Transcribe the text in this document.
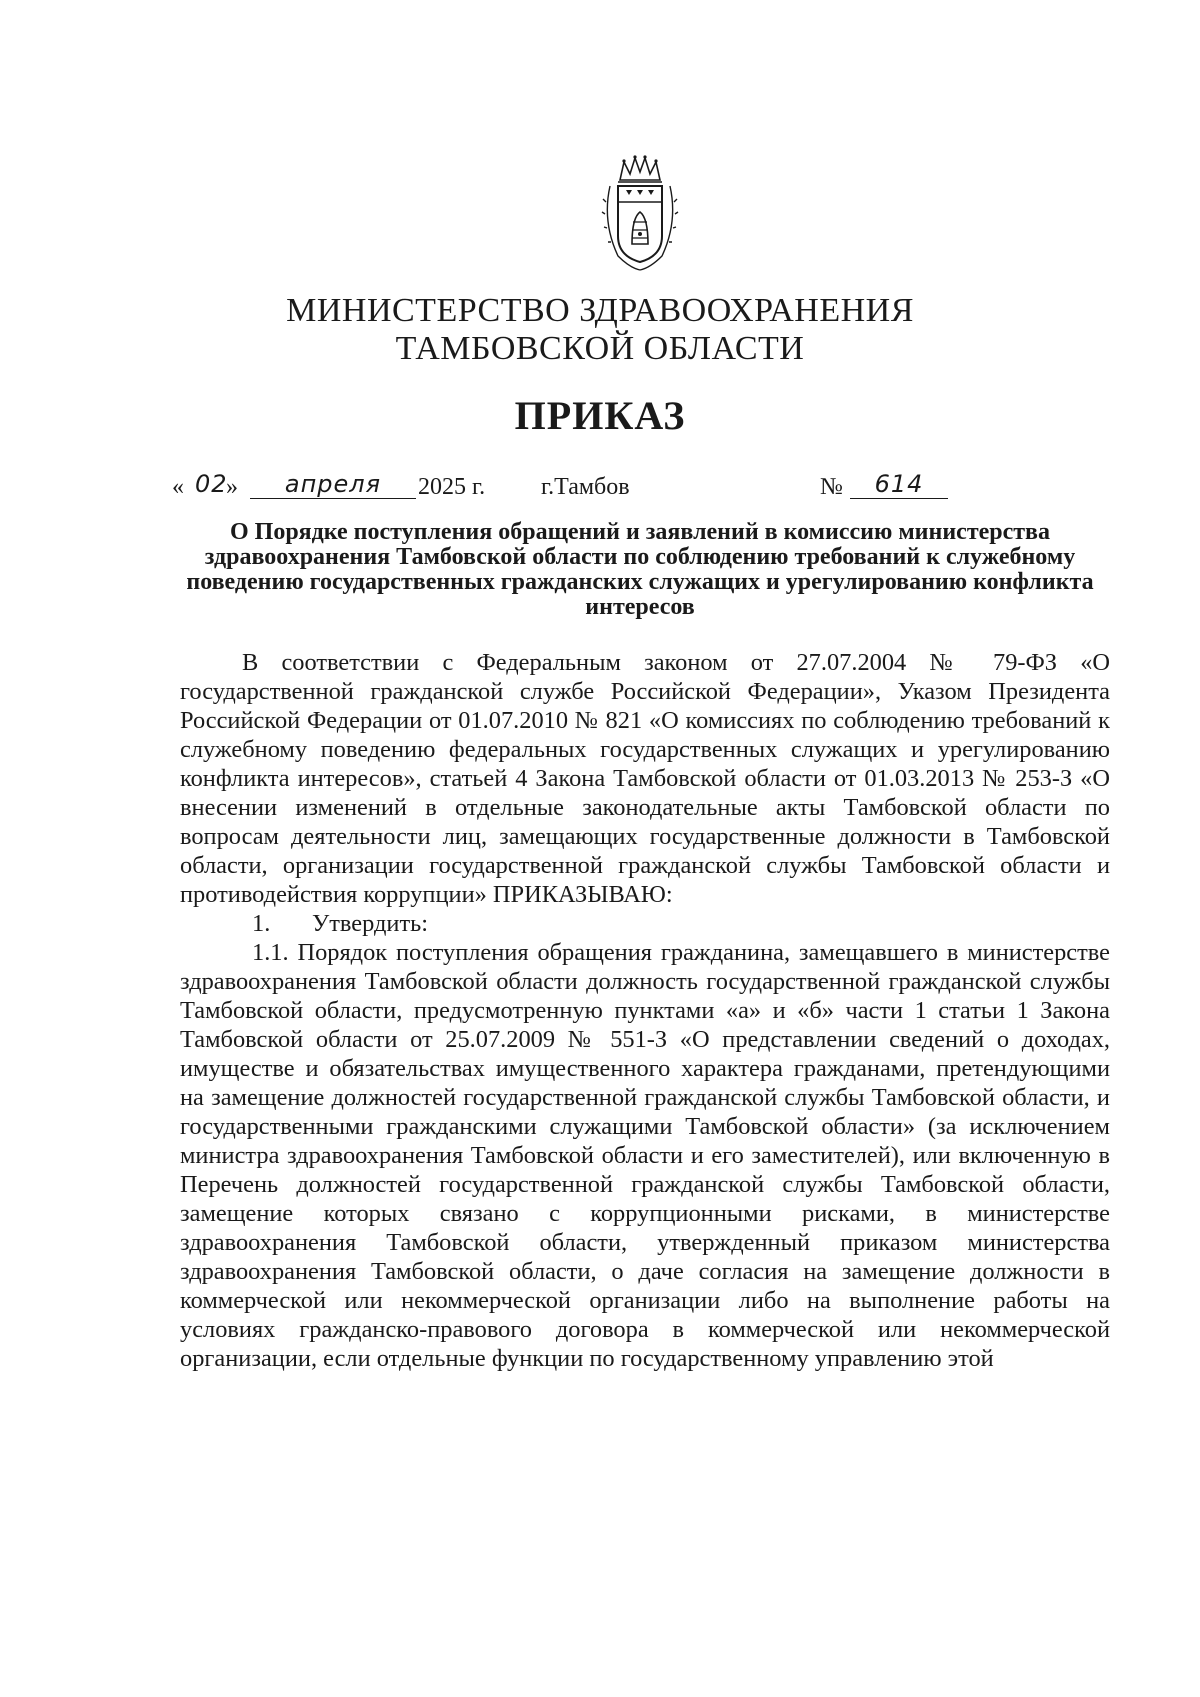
МИНИСТЕРСТВО ЗДРАВООХРАНЕНИЯ
ТАМБОВСКОЙ ОБЛАСТИ
ПРИКАЗ
« 02
»	апреля	2025 г. г.Тамбов	№	614
О Порядке поступления обращений и заявлений в комиссию министерства здравоохранения Тамбовской области по соблюдению требований к служебному поведению государственных гражданских служащих и урегулированию конфликта интересов

В соответствии с Федеральным законом от 27.07.2004 № 79-ФЗ «О государственной гражданской службе Российской Федерации», Указом Президента Российской Федерации от 01.07.2010 № 821 «О комиссиях по соблюдению требований к служебному поведению федеральных государственных служащих и урегулированию конфликта интересов», статьей 4 Закона Тамбовской области от 01.03.2013 № 253-З «О внесении изменений в отдельные законодательные акты Тамбовской области по вопросам деятельности лиц, замещающих государственные должности в Тамбовской области, организации государственной гражданской службы Тамбовской области и противодействия коррупции» ПРИКАЗЫВАЮ:

1. Утвердить:

1.1. Порядок поступления обращения гражданина, замещавшего в министерстве здравоохранения Тамбовской области должность государственной гражданской службы Тамбовской области, предусмотренную пунктами «а» и «б» части 1 статьи 1 Закона Тамбовской области от 25.07.2009 № 551-З «О представлении сведений о доходах, имуществе и обязательствах имущественного характера гражданами, претендующими на замещение должностей государственной гражданской службы Тамбовской области, и государственными гражданскими служащими Тамбовской области» (за исключением министра здравоохранения Тамбовской области и его заместителей), или включенную в Перечень должностей государственной гражданской службы Тамбовской области, замещение которых связано с коррупционными рисками, в министерстве здравоохранения Тамбовской области, утвержденный приказом министерства здравоохранения Тамбовской области, о даче согласия на замещение должности в коммерческой или некоммерческой организации либо на выполнение работы на условиях гражданско-правового договора в коммерческой или некоммерческой организации, если отдельные функции по государственному управлению этой
